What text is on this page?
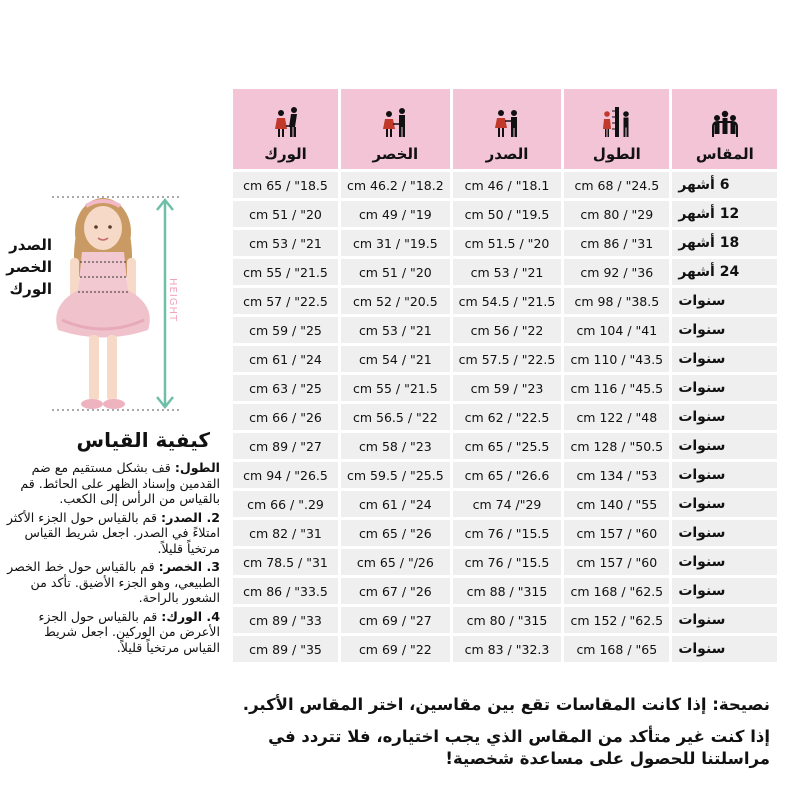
المقاس	الطول	الصدر	الخصر	الورك

6 أشهر	24.5" / 68 cm	18.1" / 46 cm	18.2" / 46.2 cm	18.5" / 65 cm
12 أشهر	29" / 80 cm	19.5" / 50 cm	19" / 49 cm	20" / 51 cm
18 أشهر	31" / 86 cm	20" / 51.5 cm	19.5" / 31 cm	21" / 53 cm
24 أشهر	36" / 92 cm	21" / 53 cm	20" / 51 cm	21.5" / 55 cm
سنوات	38.5" / 98 cm	21.5" / 54.5 cm	20.5" / 52 cm	22.5" / 57 cm
سنوات	41" / 104 cm	22" / 56 cm	21" / 53 cm	25" / 59 cm
سنوات	43.5" / 110 cm	22.5" / 57.5 cm	21" / 54 cm	24" / 61 cm
سنوات	45.5" / 116 cm	23" / 59 cm	21.5" / 55 cm	25" / 63 cm
سنوات	48" / 122 cm	22.5" / 62 cm	22" / 56.5 cm	26" / 66 cm
سنوات	50.5" / 128 cm	25.5" / 65 cm	23" / 58 cm	27" / 89 cm
سنوات	53" / 134 cm	26.6" / 65 cm	25.5" / 59.5 cm	26.5" / 94 cm
سنوات	55" / 140 cm	29"/ 74 cm	24" / 61 cm	29." / 66 cm
سنوات	60" / 157 cm	15.5" / 76 cm	26" / 65 cm	31" / 82 cm
سنوات	60" / 157 cm	15.5" / 76 cm	26/" / 65 cm	31" / 78.5 cm
سنوات	62.5" / 168 cm	315" / 88 cm	26" / 67 cm	33.5" / 86 cm
سنوات	62.5" / 152 cm	315" / 80 cm	27" / 69 cm	33" / 89 cm
سنوات	65" / 168 cm	32.3" / 83 cm	22" / 69 cm	35" / 89 cm
HEIGHT
الصدر
الخصر
الورك
كيفية القياس

الطول: قف بشكل مستقيم مع ضم القدمين وإسناد الظهر على الحائط. قم بالقياس من الرأس إلى الكعب.

2. الصدر: قم بالقياس حول الجزء الأكثر امتلاءً في الصدر. اجعل شريط القياس مرتخياً قليلاً.

3. الخصر: قم بالقياس حول خط الخصر الطبيعي، وهو الجزء الأضيق. تأكد من الشعور بالراحة.

4. الورك: قم بالقياس حول الجزء الأعرض من الوركين. اجعل شريط القياس مرتخياً قليلاً.

نصيحة: إذا كانت المقاسات تقع بين مقاسين، اختر المقاس الأكبر.

إذا كنت غير متأكد من المقاس الذي يجب اختياره، فلا تتردد في مراسلتنا للحصول على مساعدة شخصية!
